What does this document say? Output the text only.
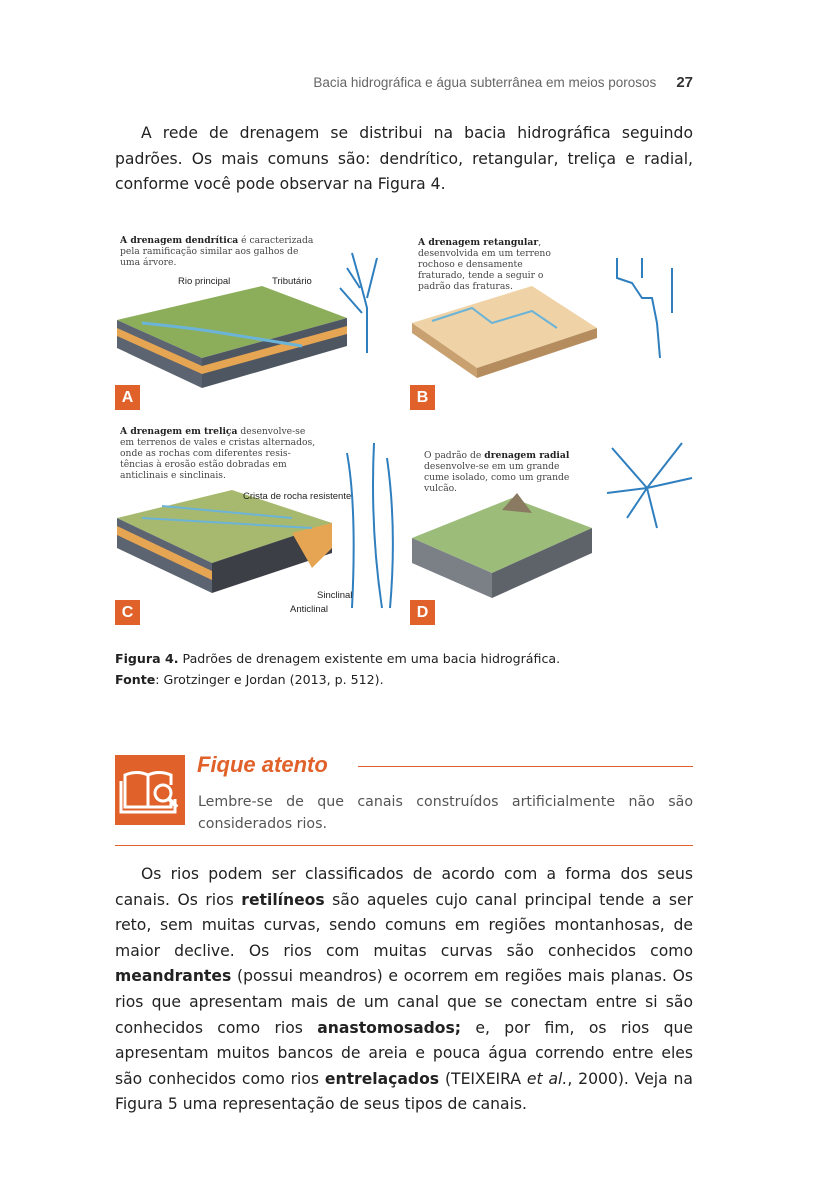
Bacia hidrográfica e água subterrânea em meios porosos 27
A rede de drenagem se distribui na bacia hidrográfica seguindo padrões. Os mais comuns são: dendrítico, retangular, treliça e radial, conforme você pode observar na Figura 4.
A drenagem dendrítica é caracterizada pela ramificação similar aos galhos de uma árvore.
Rio principal	Tributário
A drenagem retangular, desenvolvida em um terreno rochoso e densamente fraturado, tende a seguir o padrão das fraturas.
A drenagem em treliça desenvolve-se em terrenos de vales e cristas alternados, onde as rochas com diferentes resis-tências à erosão estão dobradas em anticlinais e sinclinais.
Crista de rocha resistente
Sinclinal
Anticlinal
O padrão de drenagem radial desenvolve-se em um grande cume isolado, como um grande vulcão.
A	B
C	D
Figura 4. Padrões de drenagem existente em uma bacia hidrográfica.
Fonte: Grotzinger e Jordan (2013, p. 512).
Fique atento
Lembre-se de que canais construídos artificialmente não são considerados rios.
Os rios podem ser classificados de acordo com a forma dos seus canais. Os rios retilíneos são aqueles cujo canal principal tende a ser reto, sem muitas curvas, sendo comuns em regiões montanhosas, de maior declive. Os rios com muitas curvas são conhecidos como meandrantes (possui meandros) e ocorrem em regiões mais planas. Os rios que apresentam mais de um canal que se conectam entre si são conhecidos como rios anastomosados; e, por fim, os rios que apresentam muitos bancos de areia e pouca água correndo entre eles são conhecidos como rios entrelaçados (TEIXEIRA et al., 2000). Veja na Figura 5 uma representação de seus tipos de canais.
